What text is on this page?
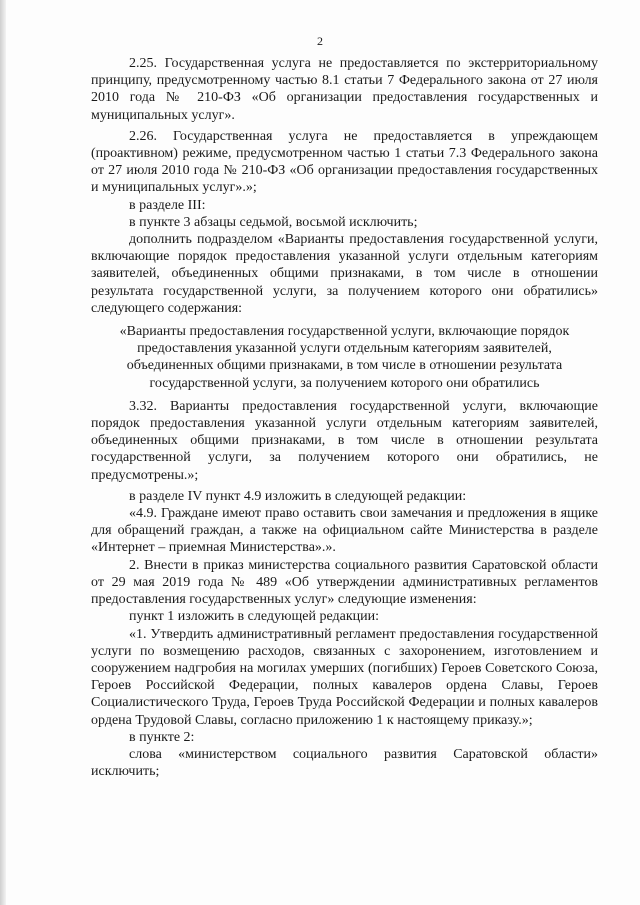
2

2.25. Государственная услуга не предоставляется по экстерриториальному принципу, предусмотренному частью 8.1 статьи 7 Федерального закона от 27 июля 2010 года № 210-ФЗ «Об организации предоставления государственных и муниципальных услуг».

2.26. Государственная услуга не предоставляется в упреждающем (проактивном) режиме, предусмотренном частью 1 статьи 7.3 Федерального закона от 27 июля 2010 года № 210-ФЗ «Об организации предоставления государственных и муниципальных услуг».»;

в разделе III:

в пункте 3 абзацы седьмой, восьмой исключить;

дополнить подразделом «Варианты предоставления государственной услуги, включающие порядок предоставления указанной услуги отдельным категориям заявителей, объединенных общими признаками, в том числе в отношении результата государственной услуги, за получением которого они обратились» следующего содержания:

«Варианты предоставления государственной услуги, включающие порядок
предоставления указанной услуги отдельным категориям заявителей,
объединенных общими признаками, в том числе в отношении результата
государственной услуги, за получением которого они обратились

3.32. Варианты предоставления государственной услуги, включающие порядок предоставления указанной услуги отдельным категориям заявителей, объединенных общими признаками, в том числе в отношении результата государственной услуги, за получением которого они обратились, не предусмотрены.»;

в разделе IV пункт 4.9 изложить в следующей редакции:

«4.9. Граждане имеют право оставить свои замечания и предложения в ящике для обращений граждан, а также на официальном сайте Министерства в разделе «Интернет – приемная Министерства».».

2. Внести в приказ министерства социального развития Саратовской области от 29 мая 2019 года № 489 «Об утверждении административных регламентов предоставления государственных услуг» следующие изменения:

пункт 1 изложить в следующей редакции:

«1. Утвердить административный регламент предоставления государственной услуги по возмещению расходов, связанных с захоронением, изготовлением и сооружением надгробия на могилах умерших (погибших) Героев Советского Союза, Героев Российской Федерации, полных кавалеров ордена Славы, Героев Социалистического Труда, Героев Труда Российской Федерации и полных кавалеров ордена Трудовой Славы, согласно приложению 1 к настоящему приказу.»;

в пункте 2:

слова «министерством социального развития Саратовской области» исключить;
